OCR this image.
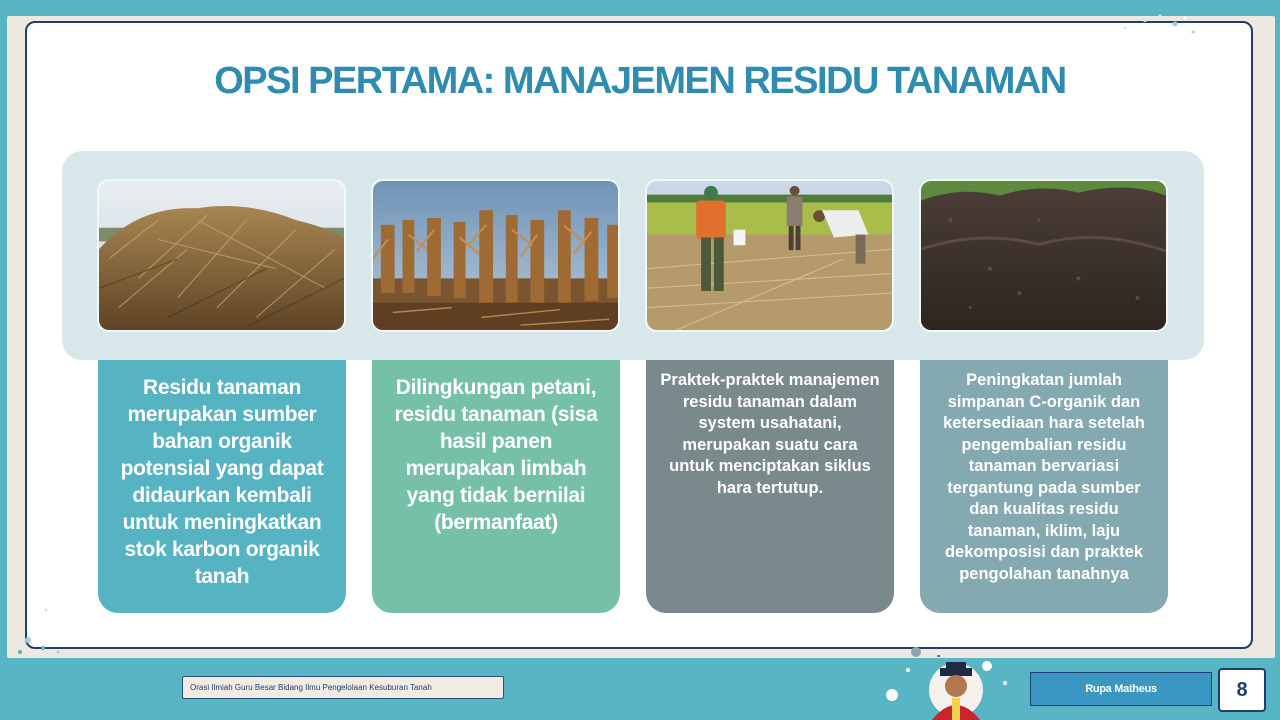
OPSI PERTAMA: MANAJEMEN RESIDU TANAMAN
Residu tanaman merupakan sumber bahan organik potensial yang dapat didaurkan kembali untuk meningkatkan stok karbon organik tanah
Dilingkungan petani, residu tanaman (sisa hasil panen merupakan limbah yang tidak bernilai (bermanfaat)
Praktek-praktek manajemen residu tanaman dalam system usahatani, merupakan suatu cara untuk menciptakan siklus hara tertutup.
Peningkatan jumlah simpanan C-organik dan ketersediaan hara setelah pengembalian residu tanaman bervariasi tergantung pada sumber dan kualitas residu tanaman, iklim, laju dekomposisi dan praktek pengolahan tanahnya
Orasi Ilmiah Guru Besar Bidang Ilmu Pengelolaan Kesuburan Tanah	Rupa Matheus	8
